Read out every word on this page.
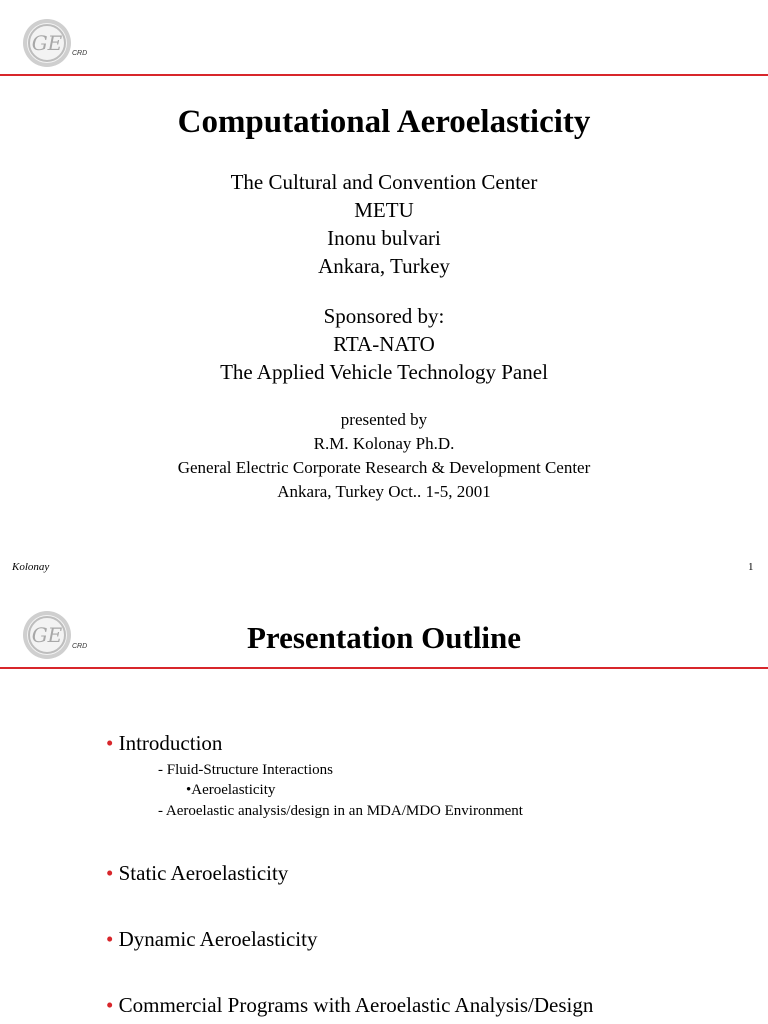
GE CRD
Computational Aeroelasticity
The Cultural and Convention Center
METU
Inonu bulvari
Ankara, Turkey
Sponsored by:
RTA-NATO
The Applied Vehicle Technology Panel
presented by
R.M. Kolonay Ph.D.
General Electric Corporate Research & Development Center
Ankara, Turkey Oct.. 1-5, 2001
Kolonay	1
GE CRD	Presentation Outline
• Introduction
- Fluid-Structure Interactions
•Aeroelasticity
- Aeroelastic analysis/design in an MDA/MDO Environment
• Static Aeroelasticity
• Dynamic Aeroelasticity
• Commercial Programs with Aeroelastic Analysis/Design
